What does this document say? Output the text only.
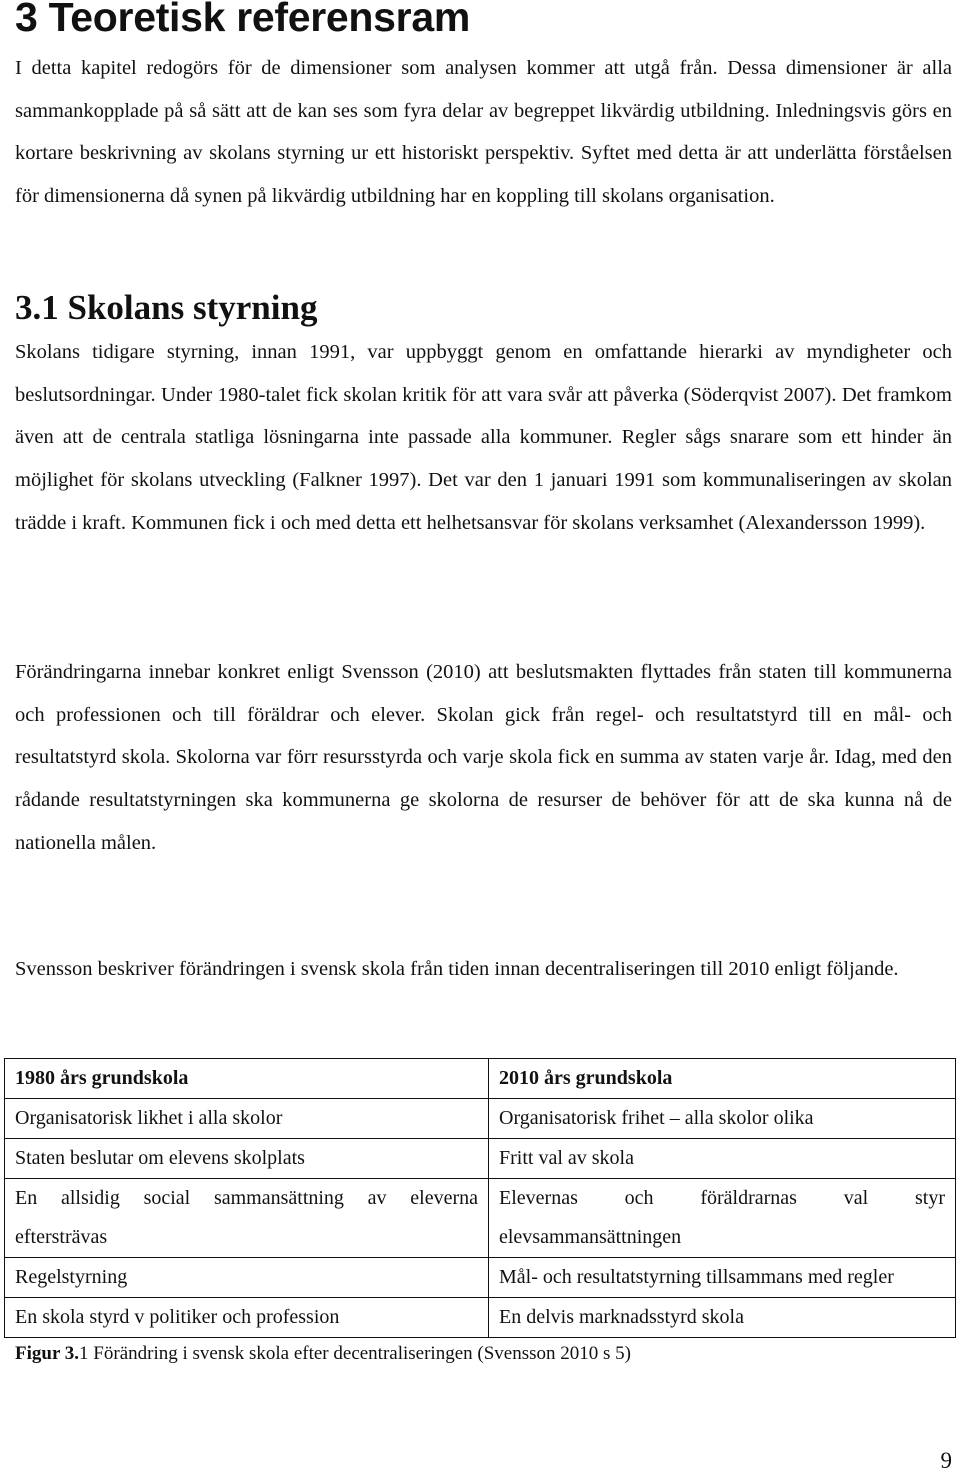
3 Teoretisk referensram

I detta kapitel redogörs för de dimensioner som analysen kommer att utgå från. Dessa dimensioner är alla sammankopplade på så sätt att de kan ses som fyra delar av begreppet likvärdig utbildning. Inledningsvis görs en kortare beskrivning av skolans styrning ur ett historiskt perspektiv. Syftet med detta är att underlätta förståelsen för dimensionerna då synen på likvärdig utbildning har en koppling till skolans organisation.

3.1 Skolans styrning

Skolans tidigare styrning, innan 1991, var uppbyggt genom en omfattande hierarki av myndigheter och beslutsordningar. Under 1980-talet fick skolan kritik för att vara svår att påverka (Söderqvist 2007). Det framkom även att de centrala statliga lösningarna inte passade alla kommuner. Regler sågs snarare som ett hinder än möjlighet för skolans utveckling (Falkner 1997). Det var den 1 januari 1991 som kommunaliseringen av skolan trädde i kraft. Kommunen fick i och med detta ett helhetsansvar för skolans verksamhet (Alexandersson 1999).

Förändringarna innebar konkret enligt Svensson (2010) att beslutsmakten flyttades från staten till kommunerna och professionen och till föräldrar och elever. Skolan gick från regel- och resultatstyrd till en mål- och resultatstyrd skola. Skolorna var förr resursstyrda och varje skola fick en summa av staten varje år. Idag, med den rådande resultatstyrningen ska kommunerna ge skolorna de resurser de behöver för att de ska kunna nå de nationella målen.

Svensson beskriver förändringen i svensk skola från tiden innan decentraliseringen till 2010 enligt följande.

1980 års grundskola	2010 års grundskola
Organisatorisk likhet i alla skolor	Organisatorisk frihet – alla skolor olika
Staten beslutar om elevens skolplats	Fritt val av skola
En allsidig social sammansättning av eleverna eftersträvas	Elevernas och föräldrarnas val styr elevsammansättningen
Regelstyrning	Mål- och resultatstyrning tillsammans med regler
En skola styrd v politiker och profession	En delvis marknadsstyrd skola

Figur 3.1 Förändring i svensk skola efter decentraliseringen (Svensson 2010 s 5)

9
